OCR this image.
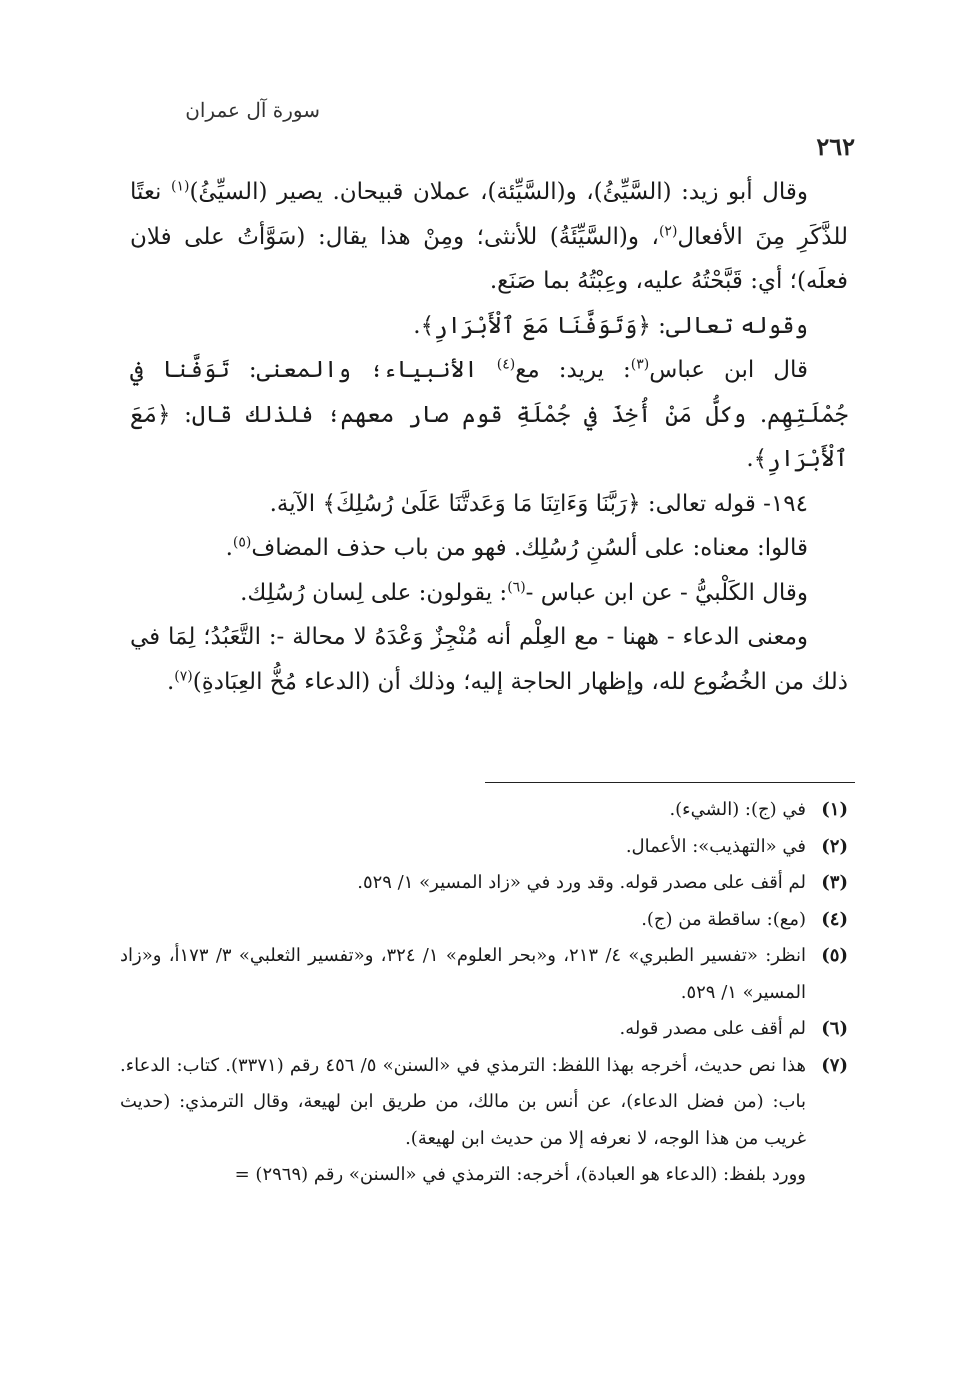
سورة آل عمران
٢٦٢

وقال أبو زيد: (السَّيِّئُ)، و(السَّيِّئة)، عملان قبيحان. يصير (السيِّئُ)$^{(١)}$ نعتًا للذَّكَرِ مِنَ الأفعال$^{(٢)}$، و(السَّيِّئَةُ) للأنثى؛ ومِنْ هذا يقال: (سَوَّأتُ على فلان فعلَه)؛ أي: قَبَّحْتُهُ عليه، وعِبْتُهُ بما صَنَع.

وقوله تعالى: ﴿وَتَوَفَّنَا مَعَ ٱلْأَبْرَارِ﴾.

قال ابن عباس$^{(٣)}$: يريد: مع$^{(٤)}$ الأنبياء؛ والمعنى: تَوَفَّنا في جُمْلَتِهِم. وكلُّ مَنْ أُخِذَ في جُمْلَةِ قوم صار معهم؛ فلذلك قال: ﴿مَعَ ٱلْأَبْرَارِ﴾.

١٩٤- قوله تعالى: ﴿رَبَّنَا وَءَاتِنَا مَا وَعَدتَّنَا عَلَىٰ رُسُلِكَ﴾ الآية.

قالوا: معناه: على ألسُنِ رُسُلِك. فهو من باب حذف المضاف$^{(٥)}$.

وقال الكَلْبيُّ - عن ابن عباس -$^{(٦)}$: يقولون: على لِسان رُسُلِك.

ومعنى الدعاء - ههنا - مع العِلْم أنه مُنْجِزٌ وَعْدَهُ لا محالة -: التَّعَبُدُ؛ لِمَا في ذلك من الخُضُوع لله، وإظهار الحاجة إليه؛ وذلك أن (الدعاء مُخُّ العِبَادةِ)$^{(٧)}$.

(١)
في (ج): (الشيء).
(٢)
في «التهذيب»: الأعمال.
(٣)
لم أقف على مصدر قوله. وقد ورد في «زاد المسير» ١/ ٥٢٩.
(٤)
(مع): ساقطة من (ج).
(٥)
انظر: «تفسير الطبري» ٤/ ٢١٣، و«بحر العلوم» ١/ ٣٢٤، و«تفسير الثعلبي» ٣/ ١٧٣أ، و«زاد المسير» ١/ ٥٢٩.
(٦)
لم أقف على مصدر قوله.
(٧)
هذا نص حديث، أخرجه بهذا اللفظ: الترمذي في «السنن» ٥/ ٤٥٦ رقم (٣٣٧١). كتاب: الدعاء. باب: (من فضل الدعاء)، عن أنس بن مالك، من طريق ابن لهيعة، وقال الترمذي: (حديث غريب من هذا الوجه، لا نعرفه إلا من حديث ابن لهيعة).

وورد بلفظ: (الدعاء هو العبادة)، أخرجه: الترمذي في «السنن» رقم (٢٩٦٩) =
